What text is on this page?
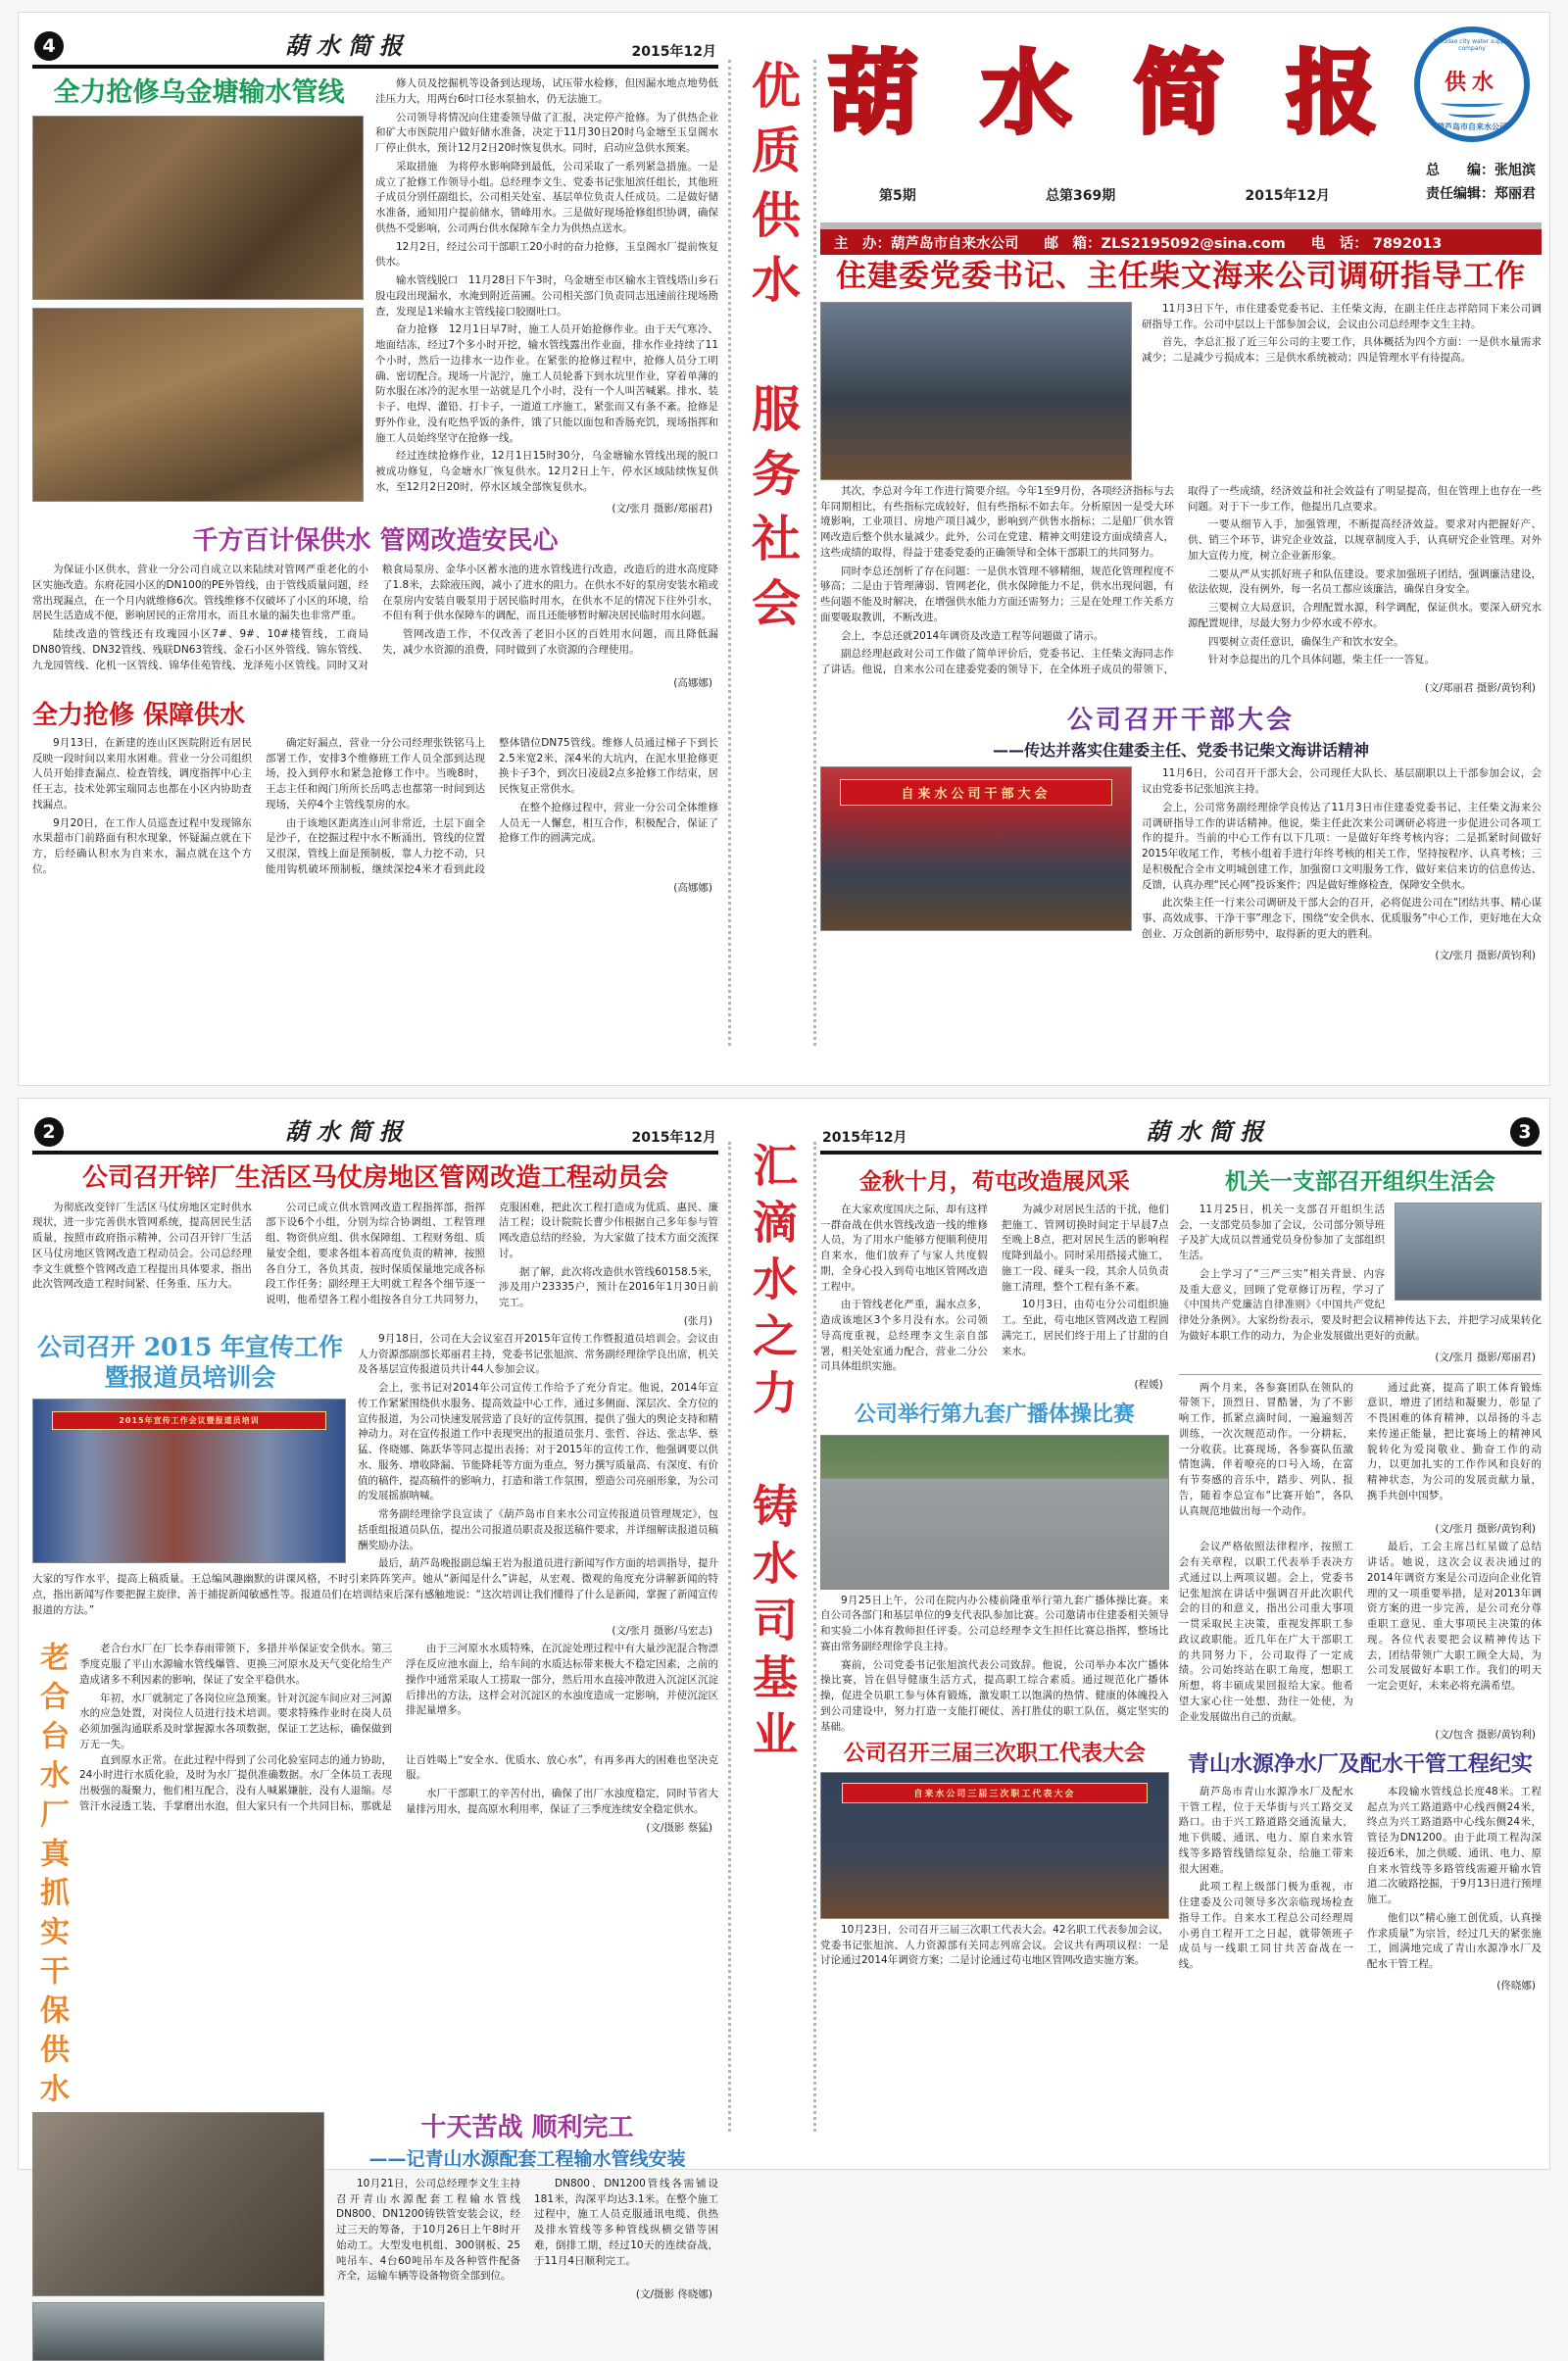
4	葫水简报	2015年12月
全力抢修乌金塘输水管线	修人员及挖掘机等设备到达现场，试压带水检修，但因漏水地点地势低洼压力大，用两台6吋口径水泵抽水，仍无法施工。

公司领导将情况向住建委领导做了汇报，决定停产抢修。为了供热企业和矿大市医院用户做好储水准备，决定于11月30日20时乌金塘至玉皇阁水厂停止供水，预计12月2日20时恢复供水。同时，启动应急供水预案。

采取措施　为将停水影响降到最低，公司采取了一系列紧急措施。一是成立了抢修工作领导小组。总经理李文生、党委书记张旭滨任组长，其他班子成员分别任副组长，公司相关处室、基层单位负责人任成员。二是做好储水准备，通知用户提前储水，错峰用水。三是做好现场抢修组织协调，确保供热不受影响，公司两台供水保障车全力为供热点送水。

12月2日，经过公司干部职工20小时的奋力抢修，玉皇阁水厂提前恢复供水。

输水管线脱口　11月28日下午3时，乌金塘至市区输水主管线塔山乡石殷屯段出现漏水，水淹到附近苗圃。公司相关部门负责同志迅速前往现场勘查，发现是1米输水主管线接口胶圈吐口。

奋力抢修　12月1日早7时，施工人员开始抢修作业。由于天气寒冷、地面结冻，经过7个多小时开挖，输水管线露出作业面，排水作业持续了11个小时，然后一边排水一边作业。在紧张的抢修过程中，抢修人员分工明确、密切配合。现场一片泥泞，施工人员轮番下到水坑里作业，穿着单薄的防水服在冰冷的泥水里一站就是几个小时，没有一个人叫苦喊累。排水、装卡子、电焊、灌铅、打卡子，一道道工序施工，紧张而又有条不紊。抢修是野外作业，没有吃热乎饭的条件，饿了只能以面包和香肠充饥，现场指挥和施工人员始终坚守在抢修一线。

经过连续抢修作业，12月1日15时30分，乌金塘输水管线出现的脱口被成功修复，乌金塘水厂恢复供水。12月2日上午，停水区域陆续恢复供水，至12月2日20时，停水区域全部恢复供水。

(文/张月 摄影/郑丽君)
千方百计保供水 管网改造安民心

为保证小区供水，营业一分公司自成立以来陆续对管网严重老化的小区实施改造。东府花园小区的DN100的PE外管线，由于管线质量问题，经常出现漏点，在一个月内就维修6次。管线维修不仅破坏了小区的环境，给居民生活造成不便，影响居民的正常用水，而且水量的漏失也非常严重。

陆续改造的管线还有玫瑰园小区7#、9#、10#楼管线，工商局DN80管线、DN32管线、残联DN63管线、金石小区外管线、锦东管线、九龙园管线、化机一区管线、锦华佳苑管线、龙泽苑小区管线。同时又对粮食局泵房、金华小区蓄水池的进水管线进行改造，改造后的进水高度降了1.8米，去除液压阀，减小了进水的阻力。在供水不好的泵房安装水箱或在泵房内安装自吸泵用于居民临时用水，在供水不足的情况下往外引水，不但有利于供水保障车的调配，而且还能够暂时解决居民临时用水问题。

管网改造工作，不仅改善了老旧小区的百姓用水问题，而且降低漏失，减少水资源的浪费，同时做到了水资源的合理使用。

(高娜娜)
全力抢修 保障供水

9月13日，在新建的连山区医院附近有居民反映一段时间以来用水困难。营业一分公司组织人员开始排查漏点、检查管线，调度指挥中心主任王志，技术处郭宝瑞同志也都在小区内协助查找漏点。

9月20日，在工作人员巡查过程中发现锦东水果超市门前路面有积水现象，怀疑漏点就在下方，后经确认积水为自来水，漏点就在这个方位。

确定好漏点，营业一分公司经理张铁铭马上部署工作，安排3个维修班工作人员全部到达现场，投入到停水和紧急抢修工作中。当晚8时，王志主任和阀门所所长岳鸣志也都第一时间到达现场，关停4个主管线泵房的水。

由于该地区距离连山河非常近，土层下面全是沙子，在挖掘过程中水不断涌出，管线的位置又很深，管线上面是预制板，靠人力挖不动，只能用钩机破坏预制板，继续深挖4米才看到此段整体错位DN75管线。维修人员通过梯子下到长2.5米宽2米、深4米的大坑内，在泥水里抢修更换卡子3个，到次日凌晨2点多抢修工作结束，居民恢复正常供水。

在整个抢修过程中，营业一分公司全体维修人员无一人懈怠，相互合作，积极配合，保证了抢修工作的圆满完成。

(高娜娜)
优质供水　服务社会 葫 水 简 报	huludao city water supply company
供水
葫芦岛市自来水公司
第5期	总第369期	2015年12月
总　　编：张旭滨
责任编辑：郑丽君
主　办：葫芦岛市自来水公司 邮　箱：ZLS2195092@sina.com 电　话： 7892013
住建委党委书记、主任柴文海来公司调研指导工作

11月3日下午，市住建委党委书记、主任柴文海，在副主任庄志祥陪同下来公司调研指导工作。公司中层以上干部参加会议，会议由公司总经理李文生主持。

首先，李总汇报了近三年公司的主要工作，具体概括为四个方面：一是供水量需求减少；二是减少亏损成本；三是供水系统被动；四是管理水平有待提高。

其次，李总对今年工作进行简要介绍。今年1至9月份，各项经济指标与去年同期相比，有些指标完成较好，但有些指标不如去年。分析原因一是受大环境影响，工业项目、房地产项目减少，影响到产供售水指标；二是船厂供水管网改造后整个供水量减少。此外，公司在党建、精神文明建设方面成绩喜人，这些成绩的取得，得益于建委党委的正确领导和全体干部职工的共同努力。

同时李总还剖析了存在问题：一是供水管理不够精细，规范化管理程度不够高；二是由于管理薄弱、管网老化，供水保障能力不足，供水出现问题，有些问题不能及时解决，在增强供水能力方面还需努力；三是在处理工作关系方面要吸取教训，不断改进。

会上，李总还就2014年调资及改造工程等问题做了请示。

副总经理赵政对公司工作做了简单评价后，党委书记、主任柴文海同志作了讲话。他说，自来水公司在建委党委的领导下，在全体班子成员的带领下，取得了一些成绩，经济效益和社会效益有了明显提高，但在管理上也存在一些问题。对于下一步工作，他提出几点要求。

一要从细节入手，加强管理，不断提高经济效益。要求对内把握好产、供、销三个环节，讲究企业效益，以规章制度入手，认真研究企业管理。对外加大宣传力度，树立企业新形象。

二要从严从实抓好班子和队伍建设。要求加强班子团结，强调廉洁建设，依法依规，没有例外，每一名员工都应该廉洁，确保自身安全。

三要树立大局意识，合理配置水源，科学调配，保证供水。要深入研究水源配置规律，尽最大努力少停水或不停水。

四要树立责任意识，确保生产和饮水安全。

针对李总提出的几个具体问题，柴主任一一答复。

(文/郑丽君 摄影/黄钧利)
公司召开干部大会
——传达并落实住建委主任、党委书记柴文海讲话精神
自来水公司干部大会

11月6日，公司召开干部大会，公司现任大队长、基层副职以上干部参加会议，会议由党委书记张旭滨主持。

会上，公司常务副经理徐学良传达了11月3日市住建委党委书记、主任柴文海来公司调研指导工作的讲话精神。他说，柴主任此次来公司调研必将进一步促进公司各项工作的提升。当前的中心工作有以下几项：一是做好年终考核内容；二是抓紧时间做好2015年收尾工作，考核小组着手进行年终考核的相关工作，坚持按程序、认真考核；三是积极配合全市文明城创建工作，加强窗口文明服务工作，做好来信来访的信息传达、反馈，认真办理“民心网”投诉案件；四是做好维修检查，保障安全供水。

此次柴主任一行来公司调研及干部大会的召开，必将促进公司在“团结共事、精心谋事、高效成事、干净干事”理念下，围绕“安全供水、优质服务”中心工作，更好地在大众创业、万众创新的新形势中，取得新的更大的胜利。

(文/张月 摄影/黄钧利)
2	葫水简报	2015年12月
公司召开锌厂生活区马仗房地区管网改造工程动员会

为彻底改变锌厂生活区马仗房地区定时供水现状，进一步完善供水管网系统，提高居民生活质量，按照市政府指示精神，公司召开锌厂生活区马仗房地区管网改造工程动员会。公司总经理李文生就整个管网改造工程提出具体要求，指出此次管网改造工程时间紧、任务重、压力大。

公司已成立供水管网改造工程指挥部，指挥部下设6个小组，分别为综合协调组、工程管理组、物资供应组、供水保障组、工程财务组、质量安全组，要求各组本着高度负责的精神，按照各自分工，各负其责，按时保质保量地完成各标段工作任务；副经理王大明就工程各个细节逐一说明，他希望各工程小组按各自分工共同努力，克服困难，把此次工程打造成为优质、惠民、廉洁工程；设计院院长曹少伟根据自己多年参与管网改造总结的经验，为大家做了技术方面交流探讨。

据了解，此次将改造供水管线60158.5米，涉及用户23335户，预计在2016年1月30日前完工。

(张月)
公司召开 2015 年宣传工作暨报道员培训会
2015年宣传工作会议暨报道员培训

9月18日，公司在大会议室召开2015年宣传工作暨报道员培训会。会议由人力资源部副部长郑丽君主持，党委书记张旭滨、常务副经理徐学良出席，机关及各基层宣传报道员共计44人参加会议。

会上，张书记对2014年公司宣传工作给予了充分肯定。他说，2014年宣传工作紧紧围绕供水服务、提高效益中心工作，通过多侧面、深层次、全方位的宣传报道，为公司快速发展营造了良好的宣传氛围，提供了强大的舆论支持和精神动力。对在宣传报道工作中表现突出的报道员张月、张哲、谷达、张志华、蔡猛、佟晓娜、陈跃华等同志提出表扬；对于2015年的宣传工作，他强调要以供水、服务、增收降漏、节能降耗等方面为重点，努力撰写质量高、有深度、有价值的稿件，提高稿件的影响力，打造和谐工作氛围，塑造公司亮丽形象，为公司的发展摇旗呐喊。

常务副经理徐学良宣读了《葫芦岛市自来水公司宣传报道员管理规定》，包括重组报道员队伍，提出公司报道员职责及报送稿件要求，并详细解读报道员稿酬奖励办法。

最后，葫芦岛晚报副总编王岩为报道员进行新闻写作方面的培训指导，提升大家的写作水平，提高上稿质量。王总编风趣幽默的讲课风格，不时引来阵阵笑声。她从“新闻是什么”讲起，从宏观、微观的角度充分讲解新闻的特点，指出新闻写作要把握主旋律、善于捕捉新闻敏感性等。报道员们在培训结束后深有感触地说：“这次培训让我们懂得了什么是新闻，掌握了新闻宣传报道的方法。”

(文/张月 摄影/马宏志)
老合台水厂真抓实干保供水	老合台水厂在厂长李春雨带领下，多措并举保证安全供水。第三季度克服了平山水源输水管线爆管、更换三河原水及天气变化给生产造成诸多不利因素的影响，保证了安全平稳供水。

年初，水厂就制定了各岗位应急预案。针对沉淀车间应对三河源水的应急处置，对岗位人员进行技术培训。要求特殊作业时在岗人员必须加强沟通联系及时掌握源水各项数据，保证工艺达标，确保做到万无一失。

由于三河原水水质特殊，在沉淀处理过程中有大量沙泥混合物漂浮在反应池水面上，给车间的水质达标带来极大不稳定因素，之前的操作中通常采取人工捞取一部分，然后用水直接冲散进入沉淀区沉淀后排出的方法，这样会对沉淀区的水浊度造成一定影响，并使沉淀区排泥量增多。

直到原水正常。在此过程中得到了公司化验室同志的通力协助，24小时进行水质化验，及时为水厂提供准确数据。水厂全体员工表现出极强的凝聚力，他们相互配合，没有人喊累嫌脏，没有人退缩。尽管汗水浸透工装，手掌磨出水泡，但大家只有一个共同目标，那就是让百姓喝上“安全水、优质水、放心水”，有再多再大的困难也坚决克服。

水厂干部职工的辛苦付出，确保了出厂水浊度稳定，同时节省大量排污用水，提高原水利用率，保证了三季度连续安全稳定供水。

(文/摄影 蔡猛)
十天苦战 顺利完工
——记青山水源配套工程输水管线安装

10月21日，公司总经理李文生主持召开青山水源配套工程输水管线DN800、DN1200铸铁管安装会议，经过三天的筹备，于10月26日上午8时开始动工。大型发电机组、300钢板、25吨吊车、4台60吨吊车及各种管件配备齐全，运输车辆等设备物资全部到位。

DN800、DN1200管线各需铺设181米，沟深平均达3.1米。在整个施工过程中，施工人员克服通讯电缆、供热及排水管线等多种管线纵横交错等困难，倒排工期，经过10天的连续奋战，于11月4日顺利完工。

(文/摄影 佟晓娜)
汇滴水之力　铸水司基业
2015年12月	葫水简报	3
金秋十月，苟屯改造展风采

在大家欢度国庆之际，却有这样一群奋战在供水管线改造一线的维修人员，为了用水户能够方便顺利使用自来水，他们放弃了与家人共度假期，全身心投入到苟屯地区管网改造工程中。

由于管线老化严重，漏水点多，造成该地区3个多月没有水。公司领导高度重视，总经理李文生亲自部署，相关处室通力配合，营业二分公司具体组织实施。

为减少对居民生活的干扰，他们把施工、管网切换时间定于早晨7点至晚上8点，把对居民生活的影响程度降到最小。同时采用搭接式施工，施工一段、碰头一段，其余人员负责施工清理，整个工程有条不紊。

10月3日，由苟屯分公司组织施工。至此，苟屯地区管网改造工程圆满完工，居民们终于用上了甘甜的自来水。

(程媛)
公司举行第九套广播体操比赛

9月25日上午，公司在院内办公楼前隆重举行第九套广播体操比赛。来自公司各部门和基层单位的9支代表队参加比赛。公司邀请市住建委相关领导和实验二小体育教师担任评委。公司总经理李文生担任比赛总指挥，整场比赛由常务副经理徐学良主持。

赛前，公司党委书记张旭滨代表公司致辞。他说，公司举办本次广播体操比赛，旨在倡导健康生活方式，提高职工综合素质。通过规范化广播体操，促进全员职工参与体育锻炼，激发职工以饱满的热情、健康的体魄投入到公司建设中，努力打造一支能打硬仗、善打胜仗的职工队伍，奠定坚实的基础。

公司召开三届三次职工代表大会
自来水公司三届三次职工代表大会

10月23日，公司召开三届三次职工代表大会。42名职工代表参加会议，党委书记张旭滨、人力资源部有关同志列席会议。会议共有两项议程：一是讨论通过2014年调资方案；二是讨论通过苟屯地区管网改造实施方案。

机关一支部召开组织生活会

11月25日，机关一支部召开组织生活会，一支部党员参加了会议，公司部分领导班子及扩大成员以普通党员身份参加了支部组织生活。

会上学习了“三严三实”相关背景、内容及重大意义，回顾了党章修订历程，学习了《中国共产党廉洁自律准则》《中国共产党纪律处分条例》。大家纷纷表示，要及时把会议精神传达下去，并把学习成果转化为做好本职工作的动力，为企业发展做出更好的贡献。

(文/张月 摄影/郑丽君)

两个月来，各参赛团队在领队的带领下，顶烈日、冒酷暑，为了不影响工作，抓紧点滴时间，一遍遍刻苦训练，一次次规范动作。一分耕耘，一分收获。比赛现场，各参赛队伍激情饱满，伴着嘹亮的口号入场，在富有节奏感的音乐中，踏步、列队、报告，随着李总宣布“比赛开始”，各队认真规范地做出每一个动作。

通过此赛，提高了职工体育锻炼意识，增进了团结和凝聚力，彰显了不畏困难的体育精神，以昂扬的斗志来传递正能量，把比赛场上的精神风貌转化为爱岗敬业、勤奋工作的动力，以更加扎实的工作作风和良好的精神状态，为公司的发展贡献力量，携手共创中国梦。

(文/张月 摄影/黄钧利)

会议严格依照法律程序，按照工会有关章程，以职工代表举手表决方式通过以上两项议题。会上，党委书记张旭滨在讲话中强调召开此次职代会的目的和意义，指出公司重大事项一贯采取民主决策，重视发挥职工参政议政职能。近几年在广大干部职工的共同努力下，公司取得了一定成绩。公司始终站在职工角度，想职工所想，将丰硕成果回报给大家。他希望大家心往一处想、劲往一处使，为企业发展做出自己的贡献。

最后，工会主席吕红星做了总结讲话。她说，这次会议表决通过的2014年调资方案是公司迈向企业化管理的又一项重要举措，是对2013年调资方案的进一步完善，是公司充分尊重职工意见、重大事项民主决策的体现。各位代表要把会议精神传达下去，团结带领广大职工顾全大局，为公司发展做好本职工作。我们的明天一定会更好，未来必将充满希望。

(文/包含 摄影/黄钧利)
青山水源净水厂及配水干管工程纪实

葫芦岛市青山水源净水厂及配水干管工程，位于天华街与兴工路交叉路口。由于兴工路道路交通流量大，地下供暖、通讯、电力、原自来水管线等多路管线错综复杂，给施工带来很大困难。

此项工程上级部门极为重视，市住建委及公司领导多次亲临现场检查指导工作。自来水工程总公司经理周小勇自工程开工之日起，就带领班子成员与一线职工同甘共苦奋战在一线。

本段输水管线总长度48米。工程起点为兴工路道路中心线西侧24米，终点为兴工路道路中心线东侧24米，管径为DN1200。由于此项工程沟深接近6米，加之供暖、通讯、电力、原自来水管线等多路管线需避开输水管道二次破路挖掘，于9月13日进行预埋施工。

他们以“精心施工创优质，认真操作求质量”为宗旨，经过几天的紧张施工，圆满地完成了青山水源净水厂及配水干管工程。

(佟晓娜)
